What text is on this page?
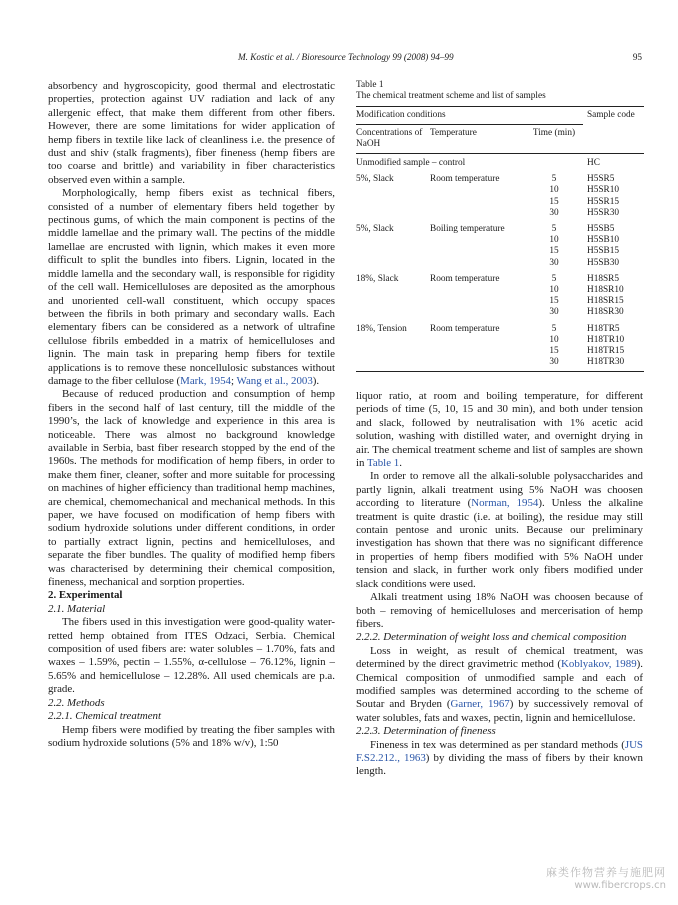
M. Kostic et al. / Bioresource Technology 99 (2008) 94–99	95

absorbency and hygroscopicity, good thermal and electrostatic properties, protection against UV radiation and lack of any allergenic effect, that make them different from other fibers. However, there are some limitations for wider application of hemp fibers in textile like lack of cleanliness i.e. the presence of dust and shiv (stalk fragments), fiber fineness (hemp fibers are too coarse and brittle) and variability in fiber characteristics observed even within a sample.

Morphologically, hemp fibers exist as technical fibers, consisted of a number of elementary fibers held together by pectinous gums, of which the main component is pectins of the middle lamellae and the primary wall. The pectins of the middle lamellae are encrusted with lignin, which makes it even more difficult to split the bundles into fibers. Lignin, located in the middle lamella and the secondary wall, is responsible for rigidity of the cell wall. Hemicelluloses are deposited as the amorphous and unoriented cell-wall constituent, which occupy spaces between the fibrils in both primary and secondary walls. Each elementary fibers can be considered as a network of ultrafine cellulose fibrils embedded in a matrix of hemicelluloses and lignin. The main task in preparing hemp fibers for textile applications is to remove these noncellulosic substances without damage to the fiber cellulose (Mark, 1954; Wang et al., 2003).

Because of reduced production and consumption of hemp fibers in the second half of last century, till the middle of the 1990’s, the lack of knowledge and experience in this area is noticeable. There was almost no background knowledge available in Serbia, bast fiber research stopped by the end of the 1960s. The methods for modification of hemp fibers, in order to make them finer, cleaner, softer and more suitable for processing on machines of higher efficiency than traditional hemp machines, are chemical, chemomechanical and mechanical methods. In this paper, we have focused on modification of hemp fibers with sodium hydroxide solutions under different conditions, in order to partially extract lignin, pectins and hemicelluloses, and separate the fiber bundles. The quality of modified hemp fibers was characterised by determining their chemical composition, fineness, mechanical and sorption properties.

2. Experimental

2.1. Material

The fibers used in this investigation were good-quality water-retted hemp obtained from ITES Odzaci, Serbia. Chemical composition of used fibers are: water solubles – 1.70%, fats and waxes – 1.59%, pectin – 1.55%, α-cellulose – 76.12%, lignin – 5.65% and hemicellulose – 12.28%. All used chemicals are p.a. grade.

2.2. Methods

2.2.1. Chemical treatment

Hemp fibers were modified by treating the fiber samples with sodium hydroxide solutions (5% and 18% w/v), 1:50

Table 1

The chemical treatment scheme and list of samples

Modification conditions			Sample code

Concentrations of NaOH	Temperature	Time (min)	

Unmodified sample – control			HC
5%, Slack	Room temperature	5	H5SR5
		10	H5SR10
		15	H5SR15
		30	H5SR30
5%, Slack	Boiling temperature	5	H5SB5
		10	H5SB10
		15	H5SB15
		30	H5SB30
18%, Slack	Room temperature	5	H18SR5
		10	H18SR10
		15	H18SR15
		30	H18SR30
18%, Tension	Room temperature	5	H18TR5
		10	H18TR10
		15	H18TR15
		30	H18TR30

liquor ratio, at room and boiling temperature, for different periods of time (5, 10, 15 and 30 min), and both under tension and slack, followed by neutralisation with 1% acetic acid solution, washing with distilled water, and overnight drying in air. The chemical treatment scheme and list of samples are shown in Table 1.

In order to remove all the alkali-soluble polysaccharides and partly lignin, alkali treatment using 5% NaOH was choosen according to literature (Norman, 1954). Unless the alkaline treatment is quite drastic (i.e. at boiling), the residue may still contain pentose and uronic units. Because our preliminary investigation has shown that there was no significant difference in properties of hemp fibers modified with 5% NaOH under tension and slack, in further work only fibers modified under slack conditions were used.

Alkali treatment using 18% NaOH was choosen because of both – removing of hemicelluloses and mercerisation of hemp fibers.

2.2.2. Determination of weight loss and chemical composition

Loss in weight, as result of chemical treatment, was determined by the direct gravimetric method (Koblyakov, 1989). Chemical composition of unmodified sample and each of modified samples was determined according to the scheme of Soutar and Bryden (Garner, 1967) by successively removal of water solubles, fats and waxes, pectin, lignin and hemicellulose.

2.2.3. Determination of fineness

Fineness in tex was determined as per standard methods (JUS F.S2.212., 1963) by dividing the mass of fibers by their known length.

麻类作物营养与施肥网
www.fibercrops.cn
